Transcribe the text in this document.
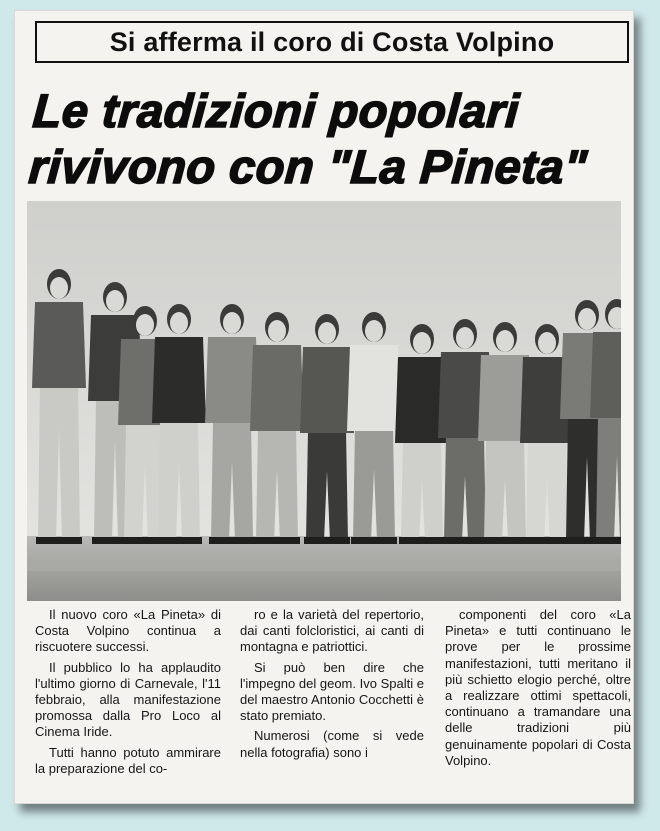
Si afferma il coro di Costa Volpino
Le tradizioni popolari
rivivono con "La Pineta"

Il nuovo coro «La Pineta» di Costa Volpino continua a riscuotere successi.

Il pubblico lo ha applaudito l'ultimo giorno di Carnevale, l'11 febbraio, alla manifestazione promossa dalla Pro Loco al Cinema Iride.

Tutti hanno potuto ammirare la preparazione del co-

ro e la varietà del repertorio, dai canti folcloristici, ai canti di montagna e patriottici.

Si può ben dire che l'impegno del geom. Ivo Spalti e del maestro Antonio Cocchetti è stato premiato.

Numerosi (come si vede nella fotografia) sono i

componenti del coro «La Pineta» e tutti continuano le prove per le prossime manifestazioni, tutti meritano il più schietto elogio perché, oltre a realizzare ottimi spettacoli, continuano a tramandare una delle tradizioni più genuinamente popolari di Costa Volpino.
